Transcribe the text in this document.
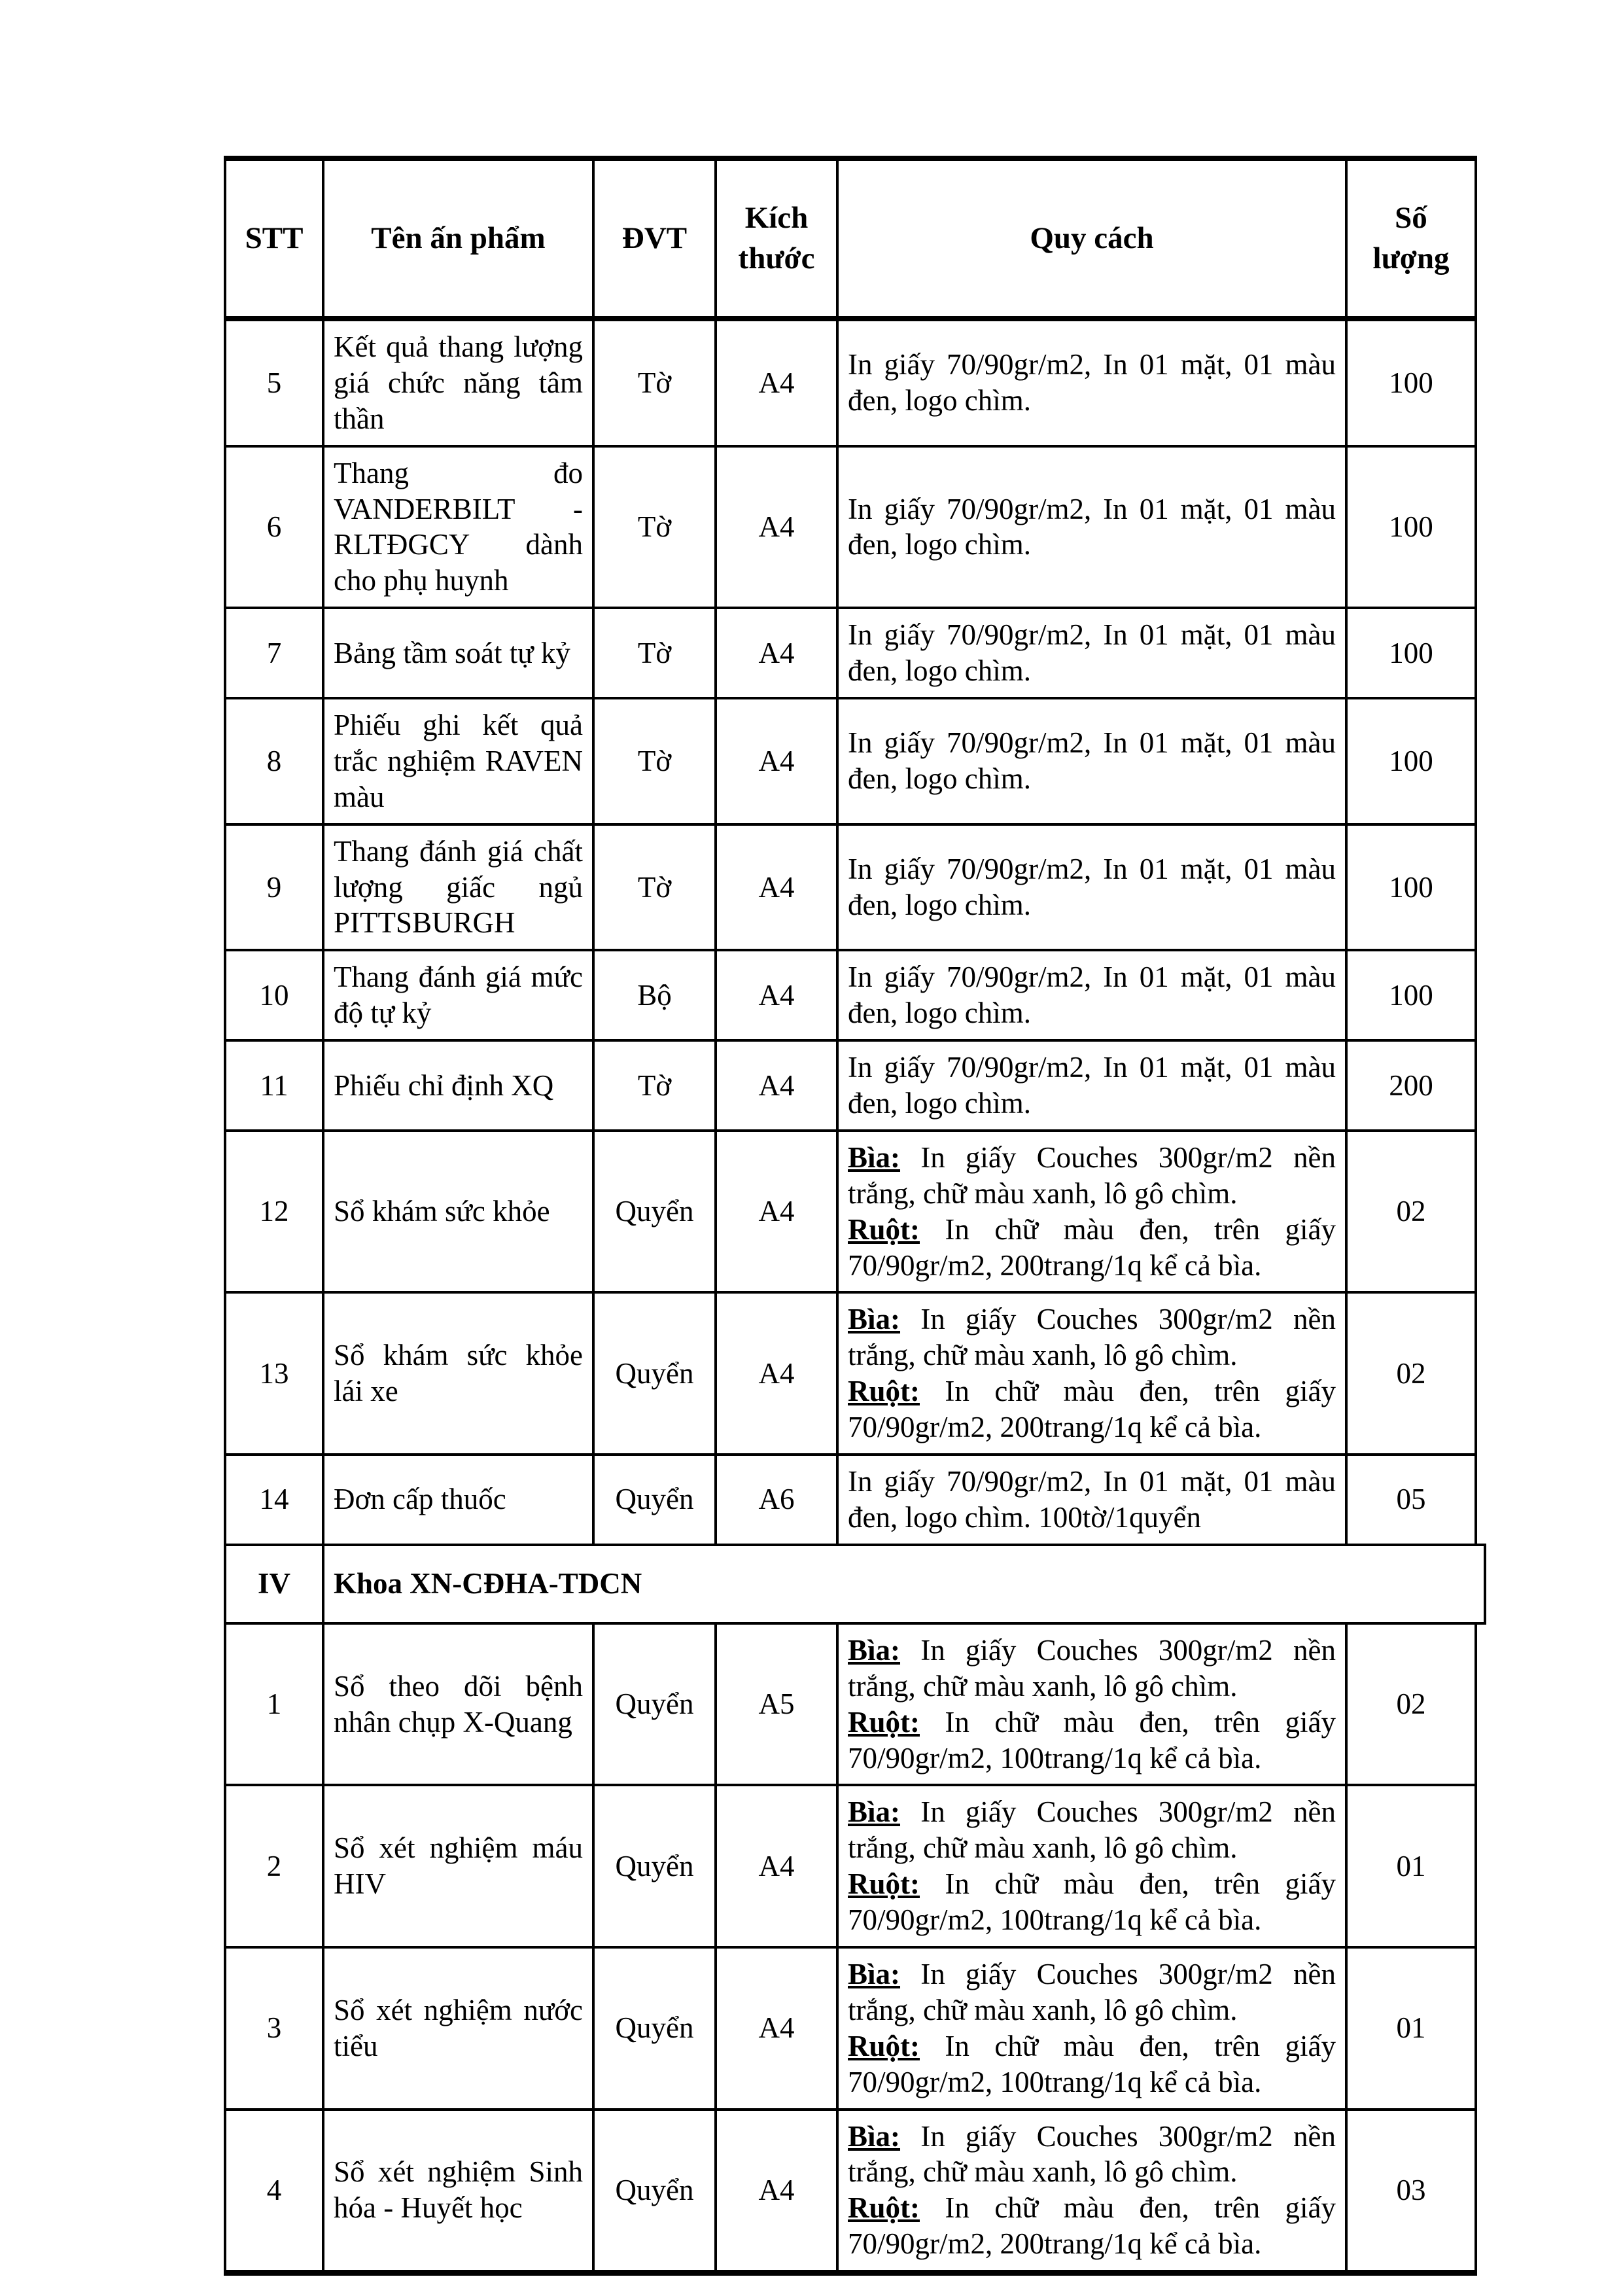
STT	Tên ấn phẩm	ĐVT	Kích thước	Quy cách	Số lượng
5	Kết quả thang lượng giá chức năng tâm thần	Tờ	A4	In giấy 70/90gr/m2, In 01 mặt, 01 màu đen, logo chìm.	100
6	Thang đo VANDERBILT - RLTĐGCY dành cho phụ huynh	Tờ	A4	In giấy 70/90gr/m2, In 01 mặt, 01 màu đen, logo chìm.	100
7	Bảng tầm soát tự kỷ	Tờ	A4	In giấy 70/90gr/m2, In 01 mặt, 01 màu đen, logo chìm.	100
8	Phiếu ghi kết quả trắc nghiệm RAVEN màu	Tờ	A4	In giấy 70/90gr/m2, In 01 mặt, 01 màu đen, logo chìm.	100
9	Thang đánh giá chất lượng giấc ngủ PITTSBURGH	Tờ	A4	In giấy 70/90gr/m2, In 01 mặt, 01 màu đen, logo chìm.	100
10	Thang đánh giá mức độ tự kỷ	Bộ	A4	In giấy 70/90gr/m2, In 01 mặt, 01 màu đen, logo chìm.	100
11	Phiếu chỉ định XQ	Tờ	A4	In giấy 70/90gr/m2, In 01 mặt, 01 màu đen, logo chìm.	200
12	Sổ khám sức khỏe	Quyển	A4	Bìa: In giấy Couches 300gr/m2 nền trắng, chữ màu xanh, lô gô chìm.
Ruột: In chữ màu đen, trên giấy 70/90gr/m2, 200trang/1q kể cả bìa.	02
13	Sổ khám sức khỏe lái xe	Quyển	A4	Bìa: In giấy Couches 300gr/m2 nền trắng, chữ màu xanh, lô gô chìm.
Ruột: In chữ màu đen, trên giấy 70/90gr/m2, 200trang/1q kể cả bìa.	02
14	Đơn cấp thuốc	Quyển	A6	In giấy 70/90gr/m2, In 01 mặt, 01 màu đen, logo chìm. 100tờ/1quyển	05
IV	Khoa XN-CĐHA-TDCN				
1	Sổ theo dõi bệnh nhân chụp X-Quang	Quyển	A5	Bìa: In giấy Couches 300gr/m2 nền trắng, chữ màu xanh, lô gô chìm.
Ruột: In chữ màu đen, trên giấy 70/90gr/m2, 100trang/1q kể cả bìa.	02
2	Sổ xét nghiệm máu HIV	Quyển	A4	Bìa: In giấy Couches 300gr/m2 nền trắng, chữ màu xanh, lô gô chìm.
Ruột: In chữ màu đen, trên giấy 70/90gr/m2, 100trang/1q kể cả bìa.	01
3	Sổ xét nghiệm nước tiểu	Quyển	A4	Bìa: In giấy Couches 300gr/m2 nền trắng, chữ màu xanh, lô gô chìm.
Ruột: In chữ màu đen, trên giấy 70/90gr/m2, 100trang/1q kể cả bìa.	01
4	Sổ xét nghiệm Sinh hóa - Huyết học	Quyển	A4	Bìa: In giấy Couches 300gr/m2 nền trắng, chữ màu xanh, lô gô chìm.
Ruột: In chữ màu đen, trên giấy 70/90gr/m2, 200trang/1q kể cả bìa.	03
